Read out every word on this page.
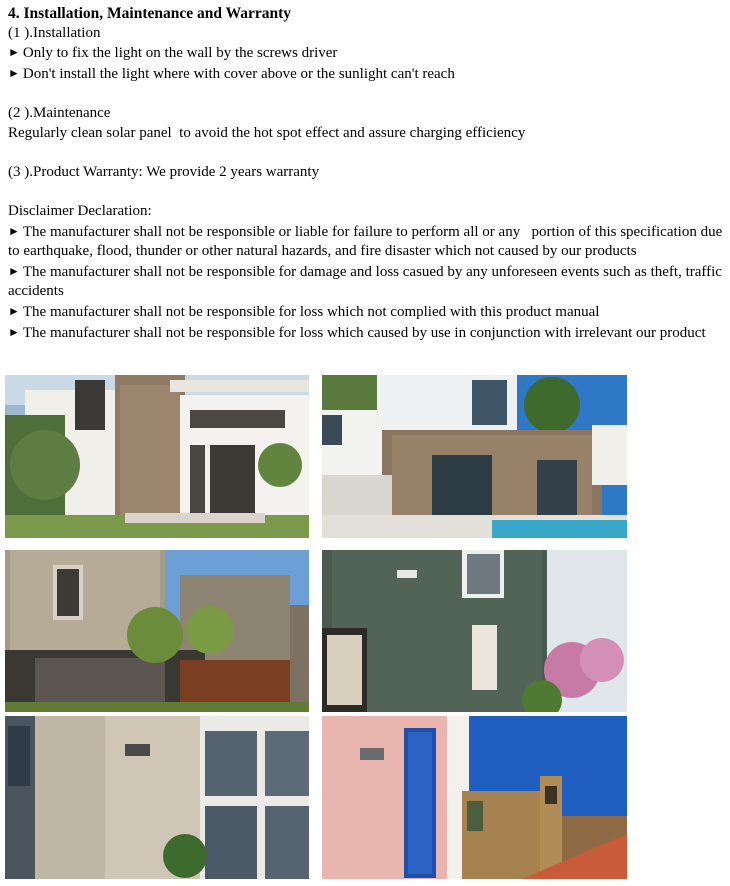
4. Installation, Maintenance and Warranty
(1 ).Installation
► Only to fix the light on the wall by the screws driver
► Don't install the light where with cover above or the sunlight can't reach
(2 ).Maintenance
Regularly clean solar panel  to avoid the hot spot effect and assure charging efficiency
(3 ).Product Warranty: We provide 2 years warranty
Disclaimer Declaration:
► The manufacturer shall not be responsible or liable for failure to perform all or any   portion of this specification due to earthquake, flood, thunder or other natural hazards, and fire disaster which not caused by our products
► The manufacturer shall not be responsible for damage and loss casued by any unforeseen events such as theft, traffic accidents
► The manufacturer shall not be responsible for loss which not complied with this product manual
► The manufacturer shall not be responsible for loss which caused by use in conjunction with irrelevant our product
